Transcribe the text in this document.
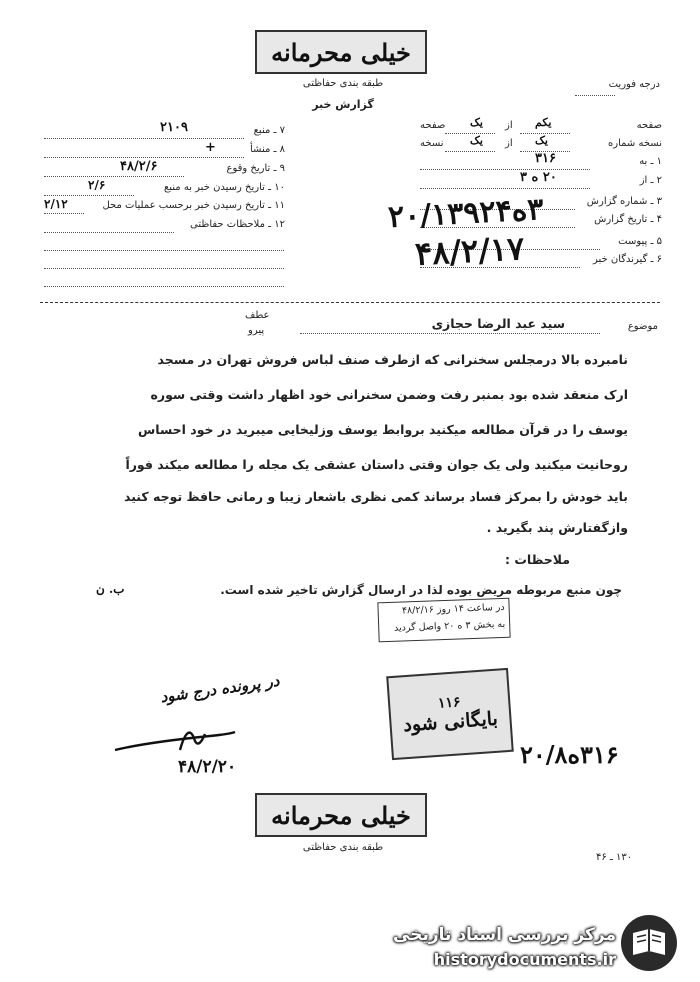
خیلی محرمانه
طبقه بندی حفاظتی	درجه فوریت
گزارش خبر
۷ ـ منبع
۲۱۰۹
۸ ـ منشأ
+
۹ ـ تاریخ وقوع
۴۸/۲/۶
۱۰ ـ تاریخ رسیدن خبر به منبع
۲/۶
۱۱ ـ تاریخ رسیدن خبر برحسب عملیات محل
۲/۱۲
۱۲ ـ ملاحظات حفاظتی
صفحه
یکم
از
یک
صفحه
نسخه شماره
یک
از
یک
نسخه
۱ ـ به
۳۱۶
۲ ـ از
۲۰ ه ۳
۳ ـ شماره گزارش
۴ ـ تاریخ گزارش
۵ ـ پیوست
۶ ـ گیرندگان خبر
۳ه۲۰/۱۳۹۲۴
۴۸/۲/۱۷
عطف
پیرو	موضوع
سید عبد الرضا حجازی
نامبرده بالا درمجلس سخنرانی که ازطرف صنف لباس فروش تهران در مسجد
ارک منعقد شده بود بمنبر رفت وضمن سخنرانی خود اظهار داشت وقتی سوره
یوسف را در قرآن مطالعه میکنید بروابط یوسف وزلیخایی میبرید در خود احساس
روحانیت میکنید ولی یک جوان وقتی داستان عشقی یک مجله را مطالعه میکند فوراً
باید خودش را بمرکز فساد برساند کمی نظری باشعار زیبا و رمانی حافظ توجه کنید
وازگفتارش پند بگیرید .
ملاحظات :
چون منبع مربوطه مریض بوده لذا در ارسال گزارش تاخیر شده است.
ب. ن
در ساعت ۱۴ روز ۴۸/۲/۱۶
به بخش ۳ ه ۲۰ واصل گردید
در پرونده درج شود
۴۸/۲/۲۰
۱۱۶
بایگانی شود
۳۱۶ه۲۰/۸
خیلی محرمانه
طبقه بندی حفاظتی
۱۳۰ ـ ۴۶
مرکز بررسی اسناد تاریخی
historydocuments.ir
